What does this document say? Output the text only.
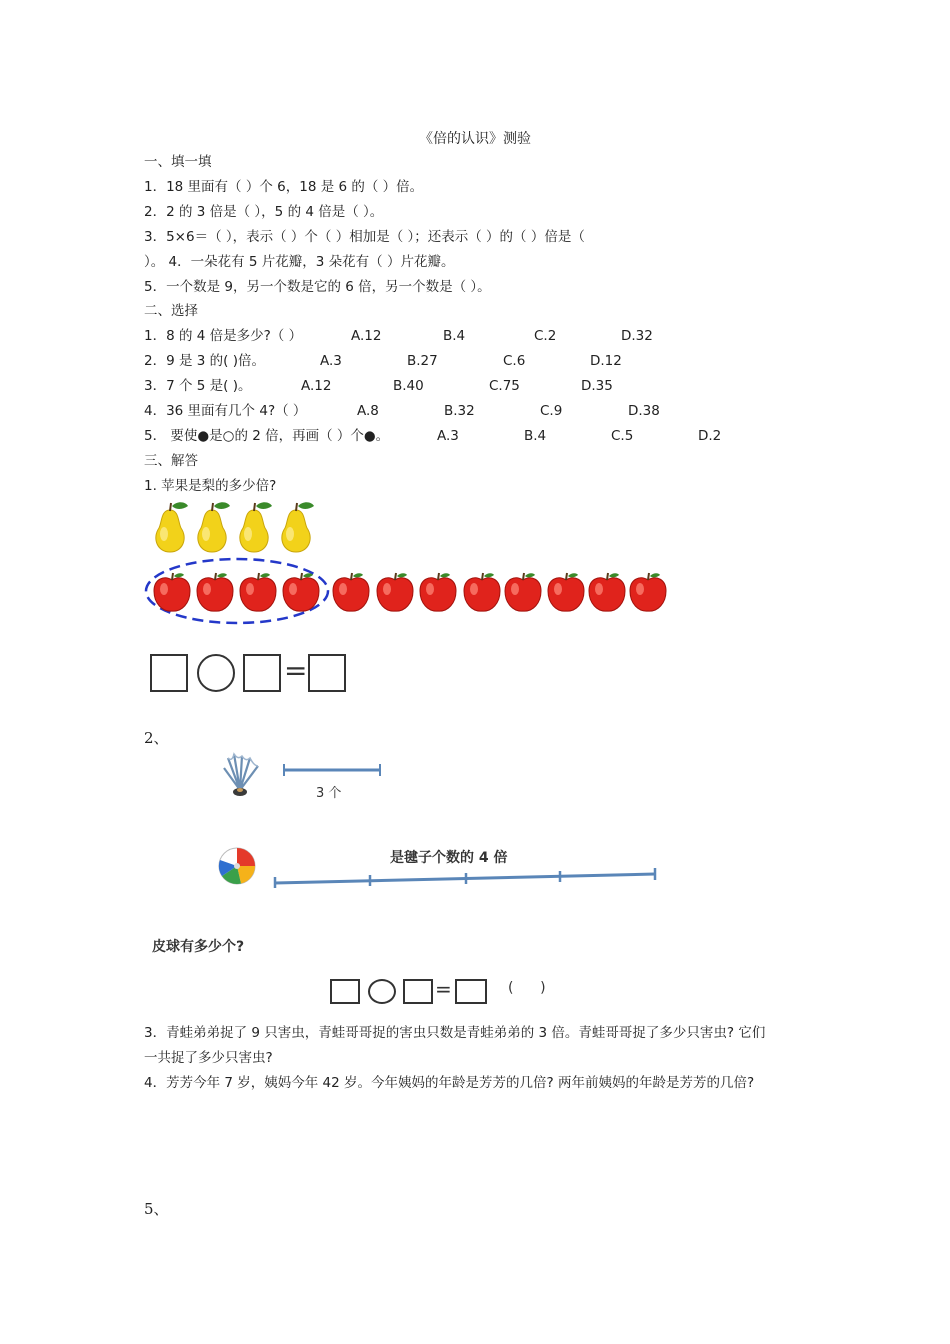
《倍的认识》测验
一、填一填
1．18 里面有（ ）个 6，18 是 6 的（ ）倍。
2．2 的 3 倍是（ ），5 的 4 倍是（ ）。
3．5×6＝（ ），表示（ ）个（ ）相加是（ ）；还表示（ ）的（ ）倍是（
）。 4．一朵花有 5 片花瓣，3 朵花有（ ）片花瓣。
5．一个数是 9，另一个数是它的 6 倍，另一个数是（ ）。
二、选择
1．8 的 4 倍是多少?（ ）	A.12	B.4	C.2	D.32
2．9 是 3 的( )倍。	A.3	B.27	C.6	D.12
3．7 个 5 是( )。	A.12	B.40	C.75	D.35
4．36 里面有几个 4?（ ）	A.8	B.32	C.9	D.38
5． 要使●是○的 2 倍，再画（ ）个●。	A.3	B.4	C.5	D.2
三、解答
1. 苹果是梨的多少倍?
=
2、
3 个
是毽子个数的 4 倍
皮球有多少个?
=	(      )
3．青蛙弟弟捉了 9 只害虫，青蛙哥哥捉的害虫只数是青蛙弟弟的 3 倍。青蛙哥哥捉了多少只害虫? 它们
一共捉了多少只害虫?
4．芳芳今年 7 岁，姨妈今年 42 岁。今年姨妈的年龄是芳芳的几倍? 两年前姨妈的年龄是芳芳的几倍?
5、
